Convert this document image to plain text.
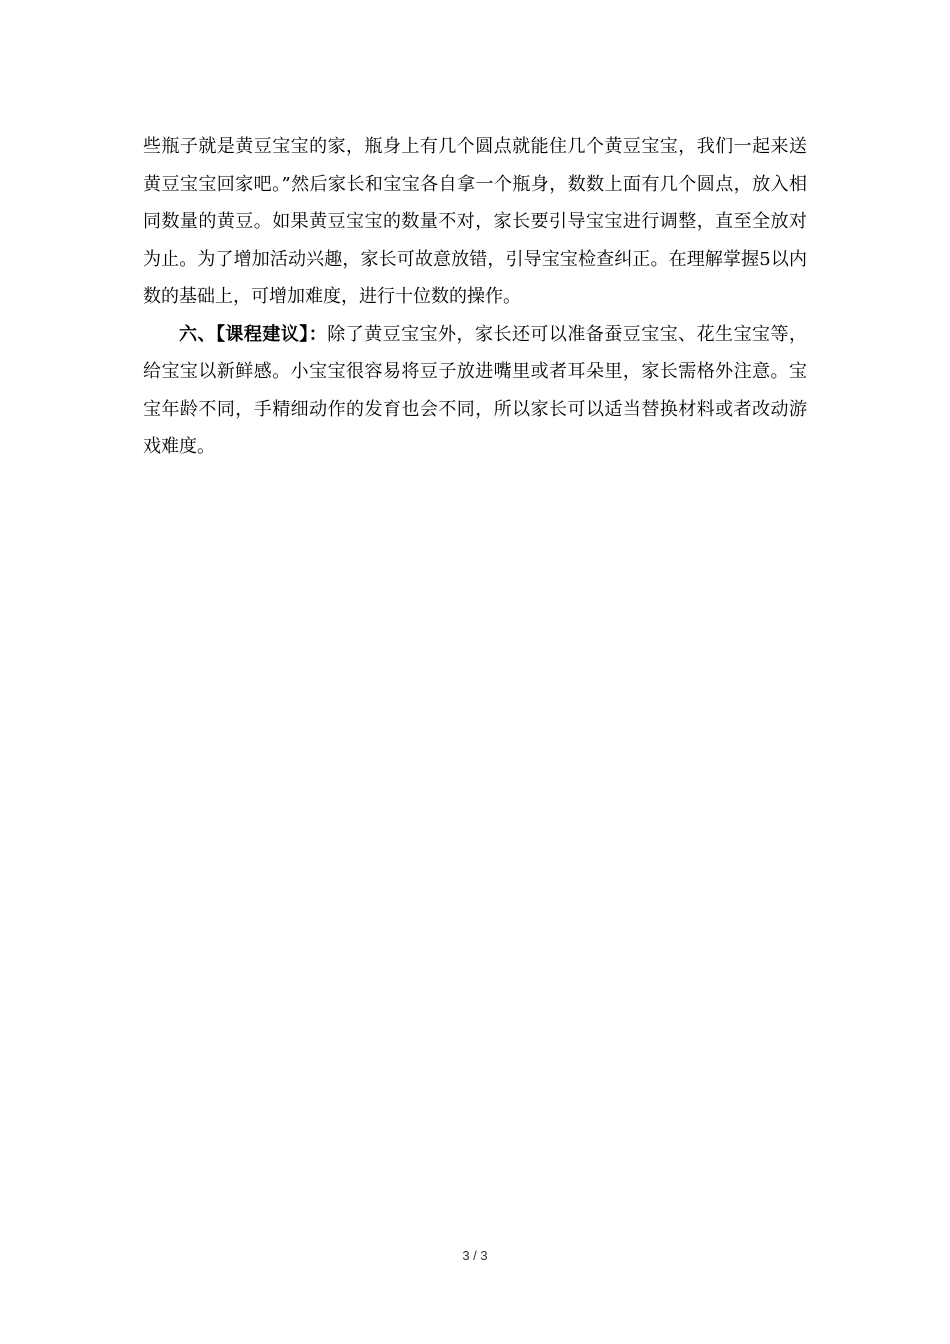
些瓶子就是黄豆宝宝的家，瓶身上有几个圆点就能住几个黄豆宝宝，我们一起来送黄豆宝宝回家吧。”然后家长和宝宝各自拿一个瓶身，数数上面有几个圆点，放入相同数量的黄豆。如果黄豆宝宝的数量不对，家长要引导宝宝进行调整，直至全放对为止。为了增加活动兴趣，家长可故意放错，引导宝宝检查纠正。在理解掌握5以内数的基础上，可增加难度，进行十位数的操作。

六、【课程建议】：除了黄豆宝宝外，家长还可以准备蚕豆宝宝、花生宝宝等，给宝宝以新鲜感。小宝宝很容易将豆子放进嘴里或者耳朵里，家长需格外注意。宝宝年龄不同，手精细动作的发育也会不同，所以家长可以适当替换材料或者改动游戏难度。

3 / 3
